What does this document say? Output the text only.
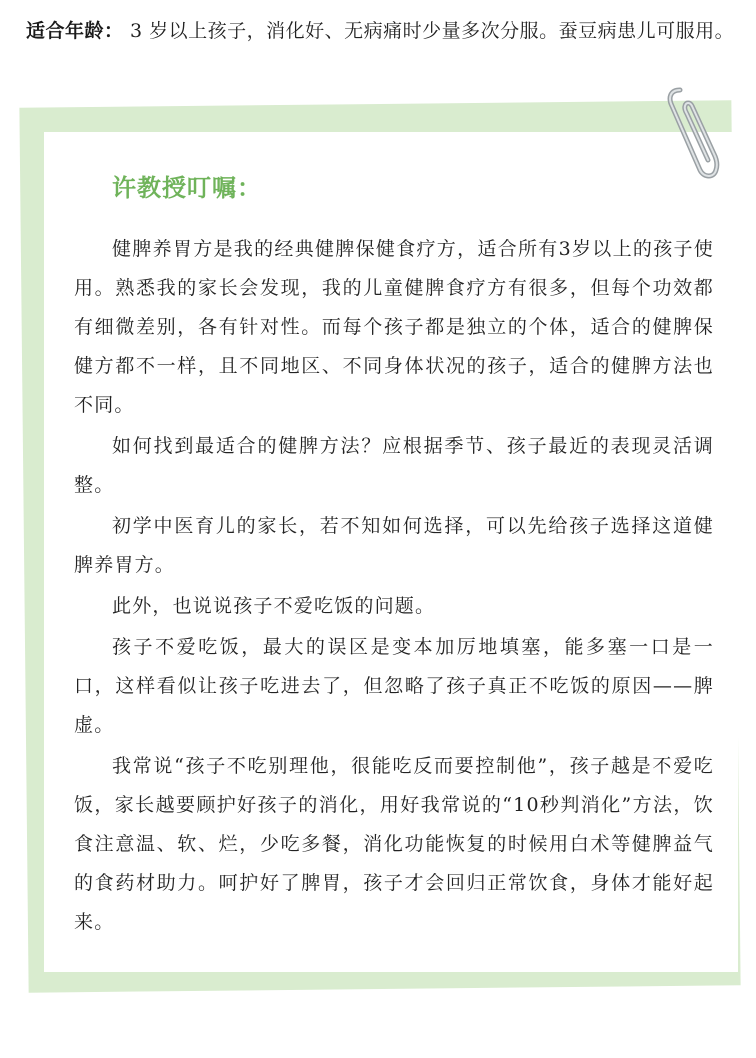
适合年龄： 3 岁以上孩子，消化好、无病痛时少量多次分服。蚕豆病患儿可服用。
许教授叮嘱：

健脾养胃方是我的经典健脾保健食疗方，适合所有3岁以上的孩子使用。熟悉我的家长会发现，我的儿童健脾食疗方有很多，但每个功效都有细微差别，各有针对性。而每个孩子都是独立的个体，适合的健脾保健方都不一样，且不同地区、不同身体状况的孩子，适合的健脾方法也不同。

如何找到最适合的健脾方法？应根据季节、孩子最近的表现灵活调整。

初学中医育儿的家长，若不知如何选择，可以先给孩子选择这道健脾养胃方。

此外，也说说孩子不爱吃饭的问题。

孩子不爱吃饭，最大的误区是变本加厉地填塞，能多塞一口是一口，这样看似让孩子吃进去了，但忽略了孩子真正不吃饭的原因——脾虚。

我常说“孩子不吃别理他，很能吃反而要控制他”，孩子越是不爱吃饭，家长越要顾护好孩子的消化，用好我常说的“10秒判消化”方法，饮食注意温、软、烂，少吃多餐，消化功能恢复的时候用白术等健脾益气的食药材助力。呵护好了脾胃，孩子才会回归正常饮食，身体才能好起来。
